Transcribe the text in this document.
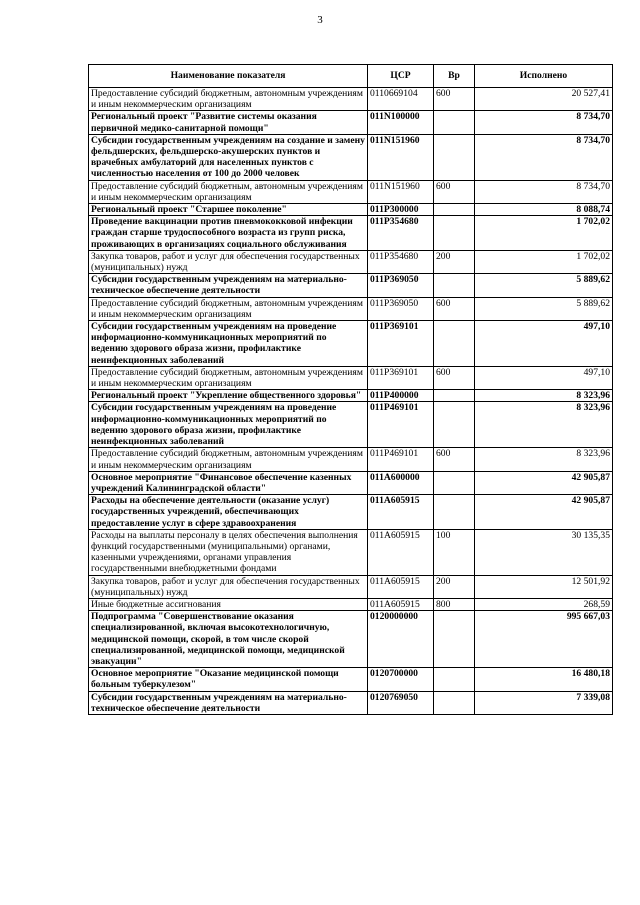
3
Наименование показателя	ЦСР	Вр	Исполнено
Предоставление субсидий бюджетным, автономным учреждениям и иным некоммерческим организациям	0110669104	600	20 527,41
Региональный проект "Развитие системы оказания первичной медико-санитарной помощи"	011N100000		8 734,70
Субсидии государственным учреждениям на создание и замену фельдшерских, фельдшерско-акушерских пунктов и врачебных амбулаторий для населенных пунктов с численностью населения от 100 до 2000 человек	011N151960		8 734,70
Предоставление субсидий бюджетным, автономным учреждениям и иным некоммерческим организациям	011N151960	600	8 734,70
Региональный проект "Старшее поколение"	011P300000		8 088,74
Проведение вакцинации против пневмококковой инфекции граждан старше трудоспособного возраста из групп риска, проживающих в организациях социального обслуживания	011P354680		1 702,02
Закупка товаров, работ и услуг для обеспечения государственных (муниципальных) нужд	011P354680	200	1 702,02
Субсидии государственным учреждениям на материально-техническое обеспечение деятельности	011P369050		5 889,62
Предоставление субсидий бюджетным, автономным учреждениям и иным некоммерческим организациям	011P369050	600	5 889,62
Субсидии государственным учреждениям на проведение информационно-коммуникационных мероприятий по ведению здорового образа жизни, профилактике неинфекционных заболеваний	011P369101		497,10
Предоставление субсидий бюджетным, автономным учреждениям и иным некоммерческим организациям	011P369101	600	497,10
Региональный проект "Укрепление общественного здоровья"	011P400000		8 323,96
Субсидии государственным учреждениям на проведение информационно-коммуникационных мероприятий по ведению здорового образа жизни, профилактике неинфекционных заболеваний	011P469101		8 323,96
Предоставление субсидий бюджетным, автономным учреждениям и иным некоммерческим организациям	011P469101	600	8 323,96
Основное мероприятие "Финансовое обеспечение казенных учреждений Калининградской области"	011А600000		42 905,87
Расходы на обеспечение деятельности (оказание услуг) государственных учреждений, обеспечивающих предоставление услуг в сфере здравоохранения	011А605915		42 905,87
Расходы на выплаты персоналу в целях обеспечения выполнения функций государственными (муниципальными) органами, казенными учреждениями, органами управления государственными внебюджетными фондами	011А605915	100	30 135,35
Закупка товаров, работ и услуг для обеспечения государственных (муниципальных) нужд	011А605915	200	12 501,92
Иные бюджетные ассигнования	011А605915	800	268,59
Подпрограмма "Совершенствование оказания специализированной, включая высокотехнологичную, медицинской помощи, скорой, в том числе скорой специализированной, медицинской помощи, медицинской эвакуации"	0120000000		995 667,03
Основное мероприятие "Оказание медицинской помощи больным туберкулезом"	0120700000		16 480,18
Субсидии государственным учреждениям на материально-техническое обеспечение деятельности	0120769050		7 339,08
